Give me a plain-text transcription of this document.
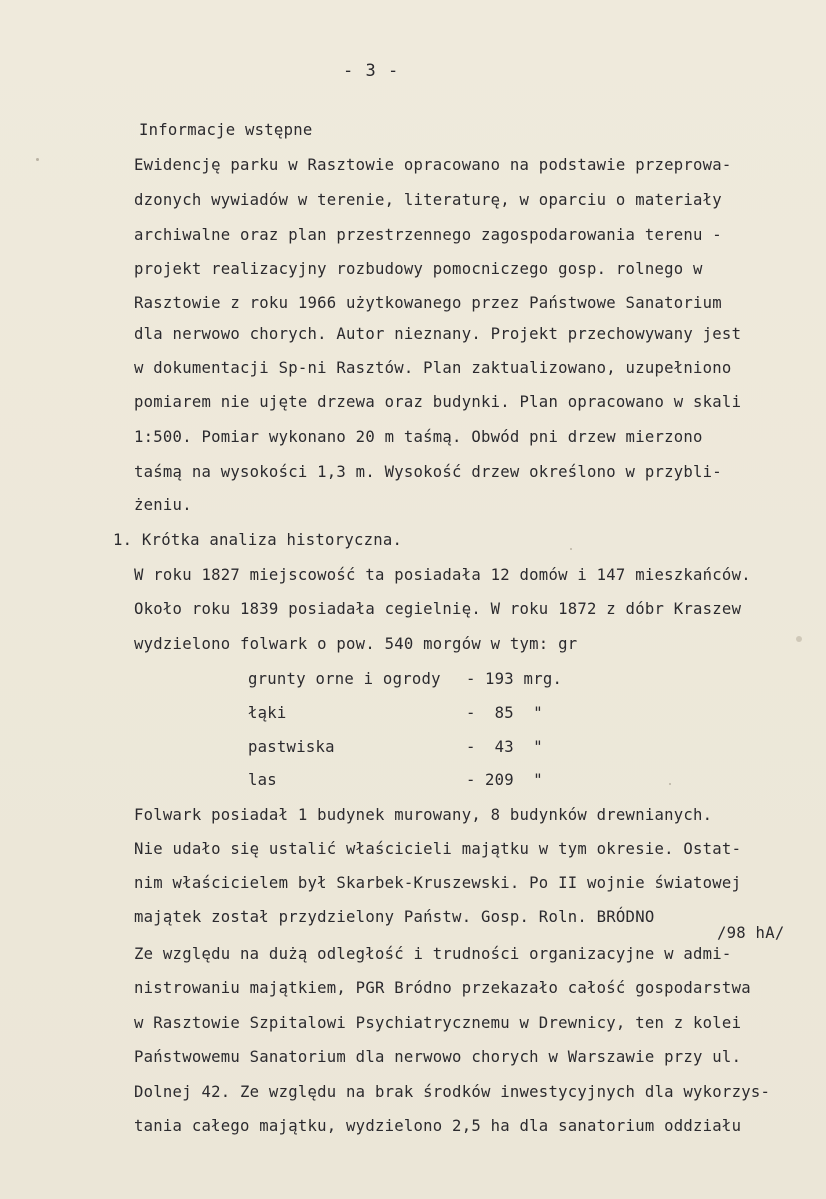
- 3 -
Informacje wstępne
Ewidencję parku w Rasztowie opracowano na podstawie przeprowa-
dzonych wywiadów w terenie, literaturę, w oparciu o materiały
archiwalne oraz plan przestrzennego zagospodarowania terenu -
projekt realizacyjny rozbudowy pomocniczego gosp. rolnego w
Rasztowie z roku 1966 użytkowanego przez Państwowe Sanatorium
dla nerwowo chorych. Autor nieznany. Projekt przechowywany jest
w dokumentacji Sp-ni Rasztów. Plan zaktualizowano, uzupełniono
pomiarem nie ujęte drzewa oraz budynki. Plan opracowano w skali
1:500. Pomiar wykonano 20 m taśmą. Obwód pni drzew mierzono
taśmą na wysokości 1,3 m. Wysokość drzew określono w przybli-
żeniu.
1. Krótka analiza historyczna.
W roku 1827 miejscowość ta posiadała 12 domów i 147 mieszkańców.
Około roku 1839 posiadała cegielnię. W roku 1872 z dóbr Kraszew
wydzielono folwark o pow. 540 morgów w tym: gr
grunty orne i ogrody - 193 mrg.
łąki	- 85  "
pastwiska	- 43  "
las	- 209  "
Folwark posiadał 1 budynek murowany, 8 budynków drewnianych.
Nie udało się ustalić właścicieli majątku w tym okresie. Ostat-
nim właścicielem był Skarbek-Kruszewski. Po II wojnie światowej
majątek został przydzielony Państw. Gosp. Roln. BRÓDNO
/98 hA/
Ze względu na dużą odległość i trudności organizacyjne w admi-
nistrowaniu majątkiem, PGR Bródno przekazało całość gospodarstwa
w Rasztowie Szpitalowi Psychiatrycznemu w Drewnicy, ten z kolei
Państwowemu Sanatorium dla nerwowo chorych w Warszawie przy ul.
Dolnej 42. Ze względu na brak środków inwestycyjnych dla wykorzys-
tania całego majątku, wydzielono 2,5 ha dla sanatorium oddziału
